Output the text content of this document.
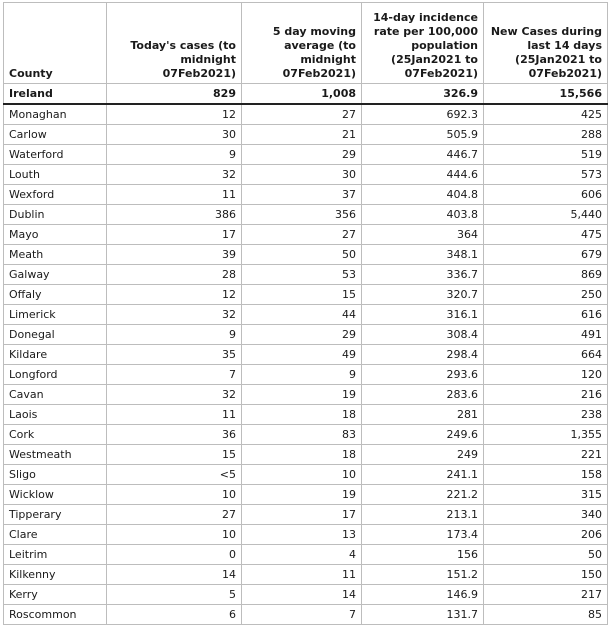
County	Today's cases (to midnight 07Feb2021)	5 day moving average (to midnight 07Feb2021)	14-day incidence rate per 100,000 population (25Jan2021 to 07Feb2021)	New Cases during last 14 days (25Jan2021 to 07Feb2021)
Ireland	829	1,008	326.9	15,566
Monaghan	12	27	692.3	425
Carlow	30	21	505.9	288
Waterford	9	29	446.7	519
Louth	32	30	444.6	573
Wexford	11	37	404.8	606
Dublin	386	356	403.8	5,440
Mayo	17	27	364	475
Meath	39	50	348.1	679
Galway	28	53	336.7	869
Offaly	12	15	320.7	250
Limerick	32	44	316.1	616
Donegal	9	29	308.4	491
Kildare	35	49	298.4	664
Longford	7	9	293.6	120
Cavan	32	19	283.6	216
Laois	11	18	281	238
Cork	36	83	249.6	1,355
Westmeath	15	18	249	221
Sligo	<5	10	241.1	158
Wicklow	10	19	221.2	315
Tipperary	27	17	213.1	340
Clare	10	13	173.4	206
Leitrim	0	4	156	50
Kilkenny	14	11	151.2	150
Kerry	5	14	146.9	217
Roscommon	6	7	131.7	85
